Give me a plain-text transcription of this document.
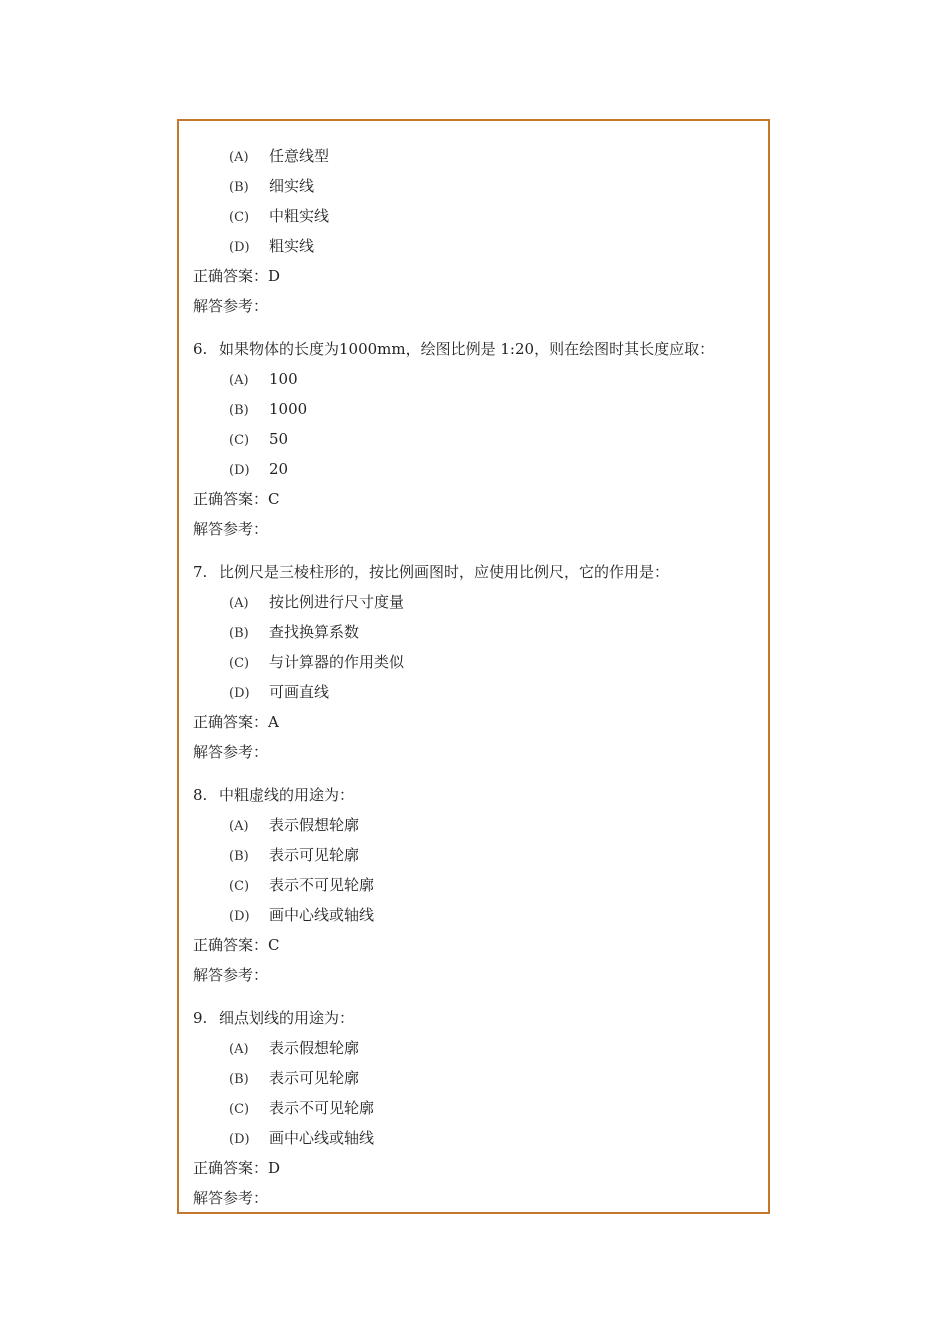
(A) 任意线型
(B) 细实线
(C) 中粗实线
(D) 粗实线
正确答案：D
解答参考：
6. 如果物体的长度为1000mm，绘图比例是 1:20，则在绘图时其长度应取：
(A) 100
(B) 1000
(C) 50
(D) 20
正确答案：C
解答参考：
7. 比例尺是三棱柱形的，按比例画图时，应使用比例尺，它的作用是：
(A) 按比例进行尺寸度量
(B) 查找换算系数
(C) 与计算器的作用类似
(D) 可画直线
正确答案：A
解答参考：
8. 中粗虚线的用途为：
(A) 表示假想轮廓
(B) 表示可见轮廓
(C) 表示不可见轮廓
(D) 画中心线或轴线
正确答案：C
解答参考：
9. 细点划线的用途为：
(A) 表示假想轮廓
(B) 表示可见轮廓
(C) 表示不可见轮廓
(D) 画中心线或轴线
正确答案：D
解答参考：
